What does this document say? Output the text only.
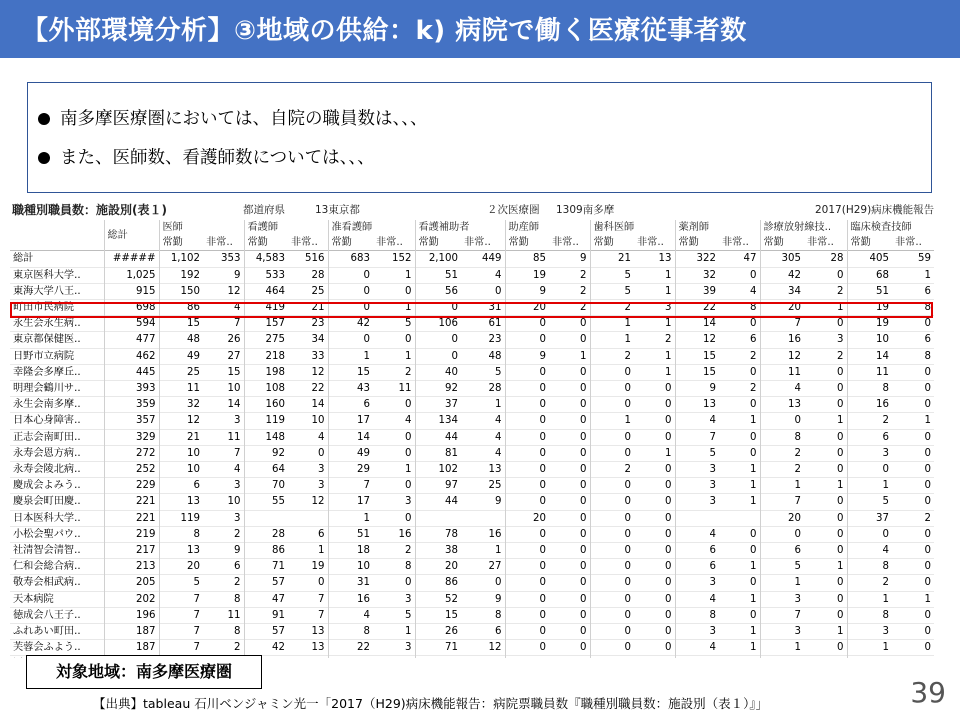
【外部環境分析】③地域の供給：k) 病院で働く医療従事者数
南多摩医療圏においては、自院の職員数は、、、
また、医師数、看護師数については、、、
職種別職員数：施設別(表１)	都道府県	13東京都	２次医療圏 1309南多摩	2017(H29)病床機能報告
	総計	医師		看護師		准看護師		看護補助者		助産師		歯科医師		薬剤師		診療放射線技..		臨床検査技師	
		常勤	非常..	常勤	非常..	常勤	非常..	常勤	非常..	常勤	非常..	常勤	非常..	常勤	非常..	常勤	非常..	常勤	非常..
総計	#####	1,102	353	4,583	516	683	152	2,100	449	85	9	21	13	322	47	305	28	405	59
東京医科大学..	1,025	192	9	533	28	0	1	51	4	19	2	5	1	32	0	42	0	68	1
東海大学八王..	915	150	12	464	25	0	0	56	0	9	2	5	1	39	4	34	2	51	6
町田市民病院	698	86	4	419	21	0	1	0	31	20	2	2	3	22	8	20	1	19	8
永生会永生病..	594	15	7	157	23	42	5	106	61	0	0	1	1	14	0	7	0	19	0
東京都保健医..	477	48	26	275	34	0	0	0	23	0	0	1	2	12	6	16	3	10	6
日野市立病院	462	49	27	218	33	1	1	0	48	9	1	2	1	15	2	12	2	14	8
幸隆会多摩丘..	445	25	15	198	12	15	2	40	5	0	0	0	1	15	0	11	0	11	0
明理会鶴川サ..	393	11	10	108	22	43	11	92	28	0	0	0	0	9	2	4	0	8	0
永生会南多摩..	359	32	14	160	14	6	0	37	1	0	0	0	0	13	0	13	0	16	0
日本心身障害..	357	12	3	119	10	17	4	134	4	0	0	1	0	4	1	0	1	2	1
正志会南町田..	329	21	11	148	4	14	0	44	4	0	0	0	0	7	0	8	0	6	0
永寿会恩方病..	272	10	7	92	0	49	0	81	4	0	0	0	1	5	0	2	0	3	0
永寿会陵北病..	252	10	4	64	3	29	1	102	13	0	0	2	0	3	1	2	0	0	0
慶成会よみう..	229	6	3	70	3	7	0	97	25	0	0	0	0	3	1	1	1	1	0
慶泉会町田慶..	221	13	10	55	12	17	3	44	9	0	0	0	0	3	1	7	0	5	0
日本医科大学..	221	119	3			1	0			20	0	0	0			20	0	37	2
小松会聖パウ..	219	8	2	28	6	51	16	78	16	0	0	0	0	4	0	0	0	0	0
社清智会清智..	217	13	9	86	1	18	2	38	1	0	0	0	0	6	0	6	0	4	0
仁和会総合病..	213	20	6	71	19	10	8	20	27	0	0	0	0	6	1	5	1	8	0
敬寿会相武病..	205	5	2	57	0	31	0	86	0	0	0	0	0	3	0	1	0	2	0
天本病院	202	7	8	47	7	16	3	52	9	0	0	0	0	4	1	3	0	1	1
徳成会八王子..	196	7	11	91	7	4	5	15	8	0	0	0	0	8	0	7	0	8	0
ふれあい町田..	187	7	8	57	13	8	1	26	6	0	0	0	0	3	1	3	1	3	0
芙蓉会ふよう..	187	7	2	42	13	22	3	71	12	0	0	0	0	4	1	1	0	1	0

対象地域：南多摩医療圏
【出典】tableau 石川ベンジャミン光一「2017（H29)病床機能報告：病院票職員数『職種別職員数：施設別（表１）』」	39
